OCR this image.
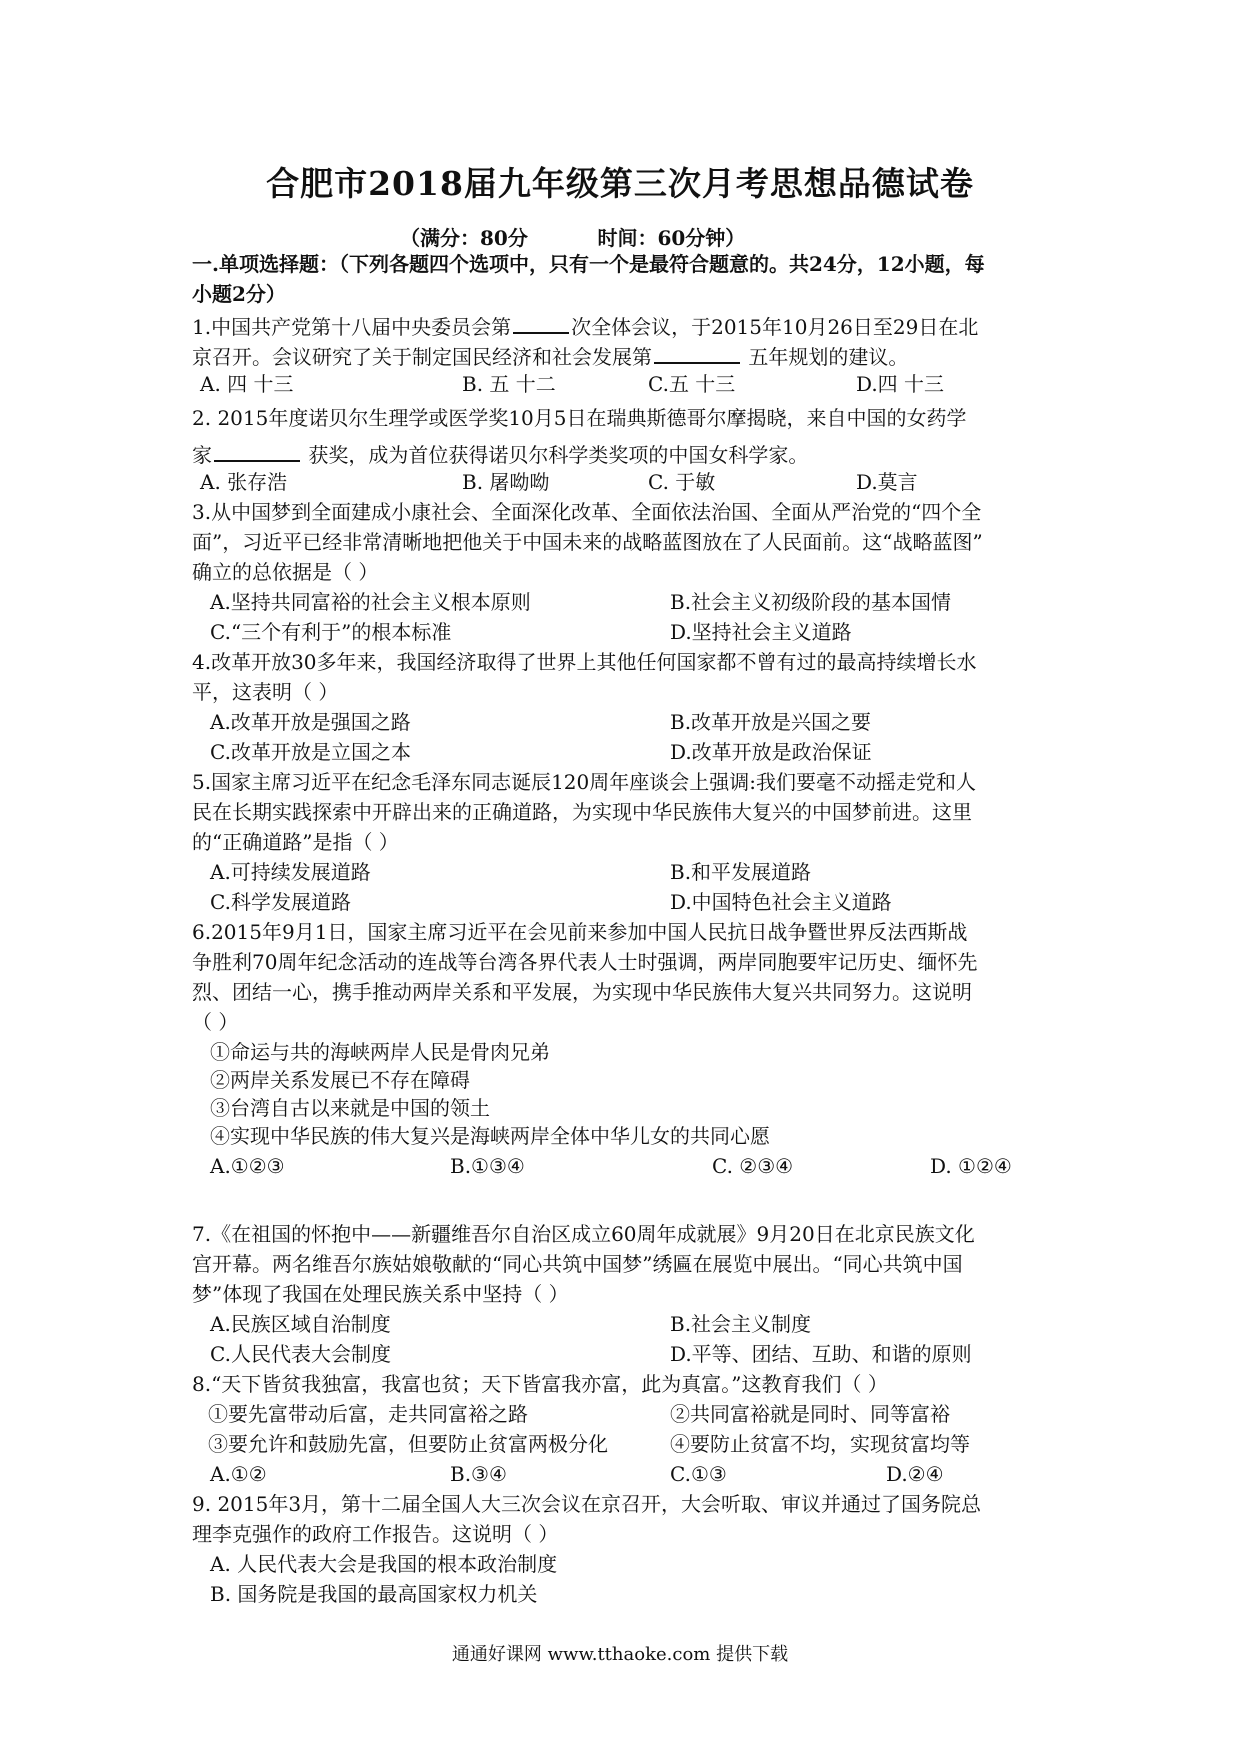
合肥市2018届九年级第三次月考思想品德试卷
（满分：80分          时间：60分钟）
一.单项选择题：（下列各题四个选项中，只有一个是最符合题意的。共24分，12小题，每
小题2分）
1.中国共产党第十八届中央委员会第	次全体会议，于2015年10月26日至29日在北
京召开。会议研究了关于制定国民经济和社会发展第	五年规划的建议。
A. 四 十三	B. 五 十二	C.五 十三	D.四 十三
2. 2015年度诺贝尔生理学或医学奖10月5日在瑞典斯德哥尔摩揭晓，来自中国的女药学
家	获奖，成为首位获得诺贝尔科学类奖项的中国女科学家。
A. 张存浩	B. 屠呦呦	C. 于敏	D.莫言
3.从中国梦到全面建成小康社会、全面深化改革、全面依法治国、全面从严治党的“四个全
面”，习近平已经非常清晰地把他关于中国未来的战略蓝图放在了人民面前。这“战略蓝图”
确立的总依据是（ ）
A.坚持共同富裕的社会主义根本原则	B.社会主义初级阶段的基本国情
C.“三个有利于”的根本标准	D.坚持社会主义道路
4.改革开放30多年来，我国经济取得了世界上其他任何国家都不曾有过的最高持续增长水
平，这表明（ ）
A.改革开放是强国之路	B.改革开放是兴国之要
C.改革开放是立国之本	D.改革开放是政治保证
5.国家主席习近平在纪念毛泽东同志诞辰120周年座谈会上强调:我们要毫不动摇走党和人
民在长期实践探索中开辟出来的正确道路，为实现中华民族伟大复兴的中国梦前进。这里
的“正确道路”是指（ ）
A.可持续发展道路	B.和平发展道路
C.科学发展道路	D.中国特色社会主义道路
6.2015年9月1日，国家主席习近平在会见前来参加中国人民抗日战争暨世界反法西斯战
争胜利70周年纪念活动的连战等台湾各界代表人士时强调，两岸同胞要牢记历史、缅怀先
烈、团结一心，携手推动两岸关系和平发展，为实现中华民族伟大复兴共同努力。这说明
（ ）
①命运与共的海峡两岸人民是骨肉兄弟
②两岸关系发展已不存在障碍
③台湾自古以来就是中国的领土
④实现中华民族的伟大复兴是海峡两岸全体中华儿女的共同心愿
A.①②③	B.①③④	C. ②③④	D. ①②④
7.《在祖国的怀抱中——新疆维吾尔自治区成立60周年成就展》9月20日在北京民族文化
宫开幕。两名维吾尔族姑娘敬献的“同心共筑中国梦”绣匾在展览中展出。“同心共筑中国
梦”体现了我国在处理民族关系中坚持（ ）
A.民族区域自治制度	B.社会主义制度
C.人民代表大会制度	D.平等、团结、互助、和谐的原则
8.“天下皆贫我独富，我富也贫；天下皆富我亦富，此为真富。”这教育我们（ ）
①要先富带动后富，走共同富裕之路	②共同富裕就是同时、同等富裕
③要允许和鼓励先富，但要防止贫富两极分化	④要防止贫富不均，实现贫富均等
A.①②	B.③④	C.①③	D.②④
9. 2015年3月，第十二届全国人大三次会议在京召开，大会听取、审议并通过了国务院总
理李克强作的政府工作报告。这说明（ ）
A. 人民代表大会是我国的根本政治制度
B. 国务院是我国的最高国家权力机关
通通好课网 www.tthaoke.com 提供下载
